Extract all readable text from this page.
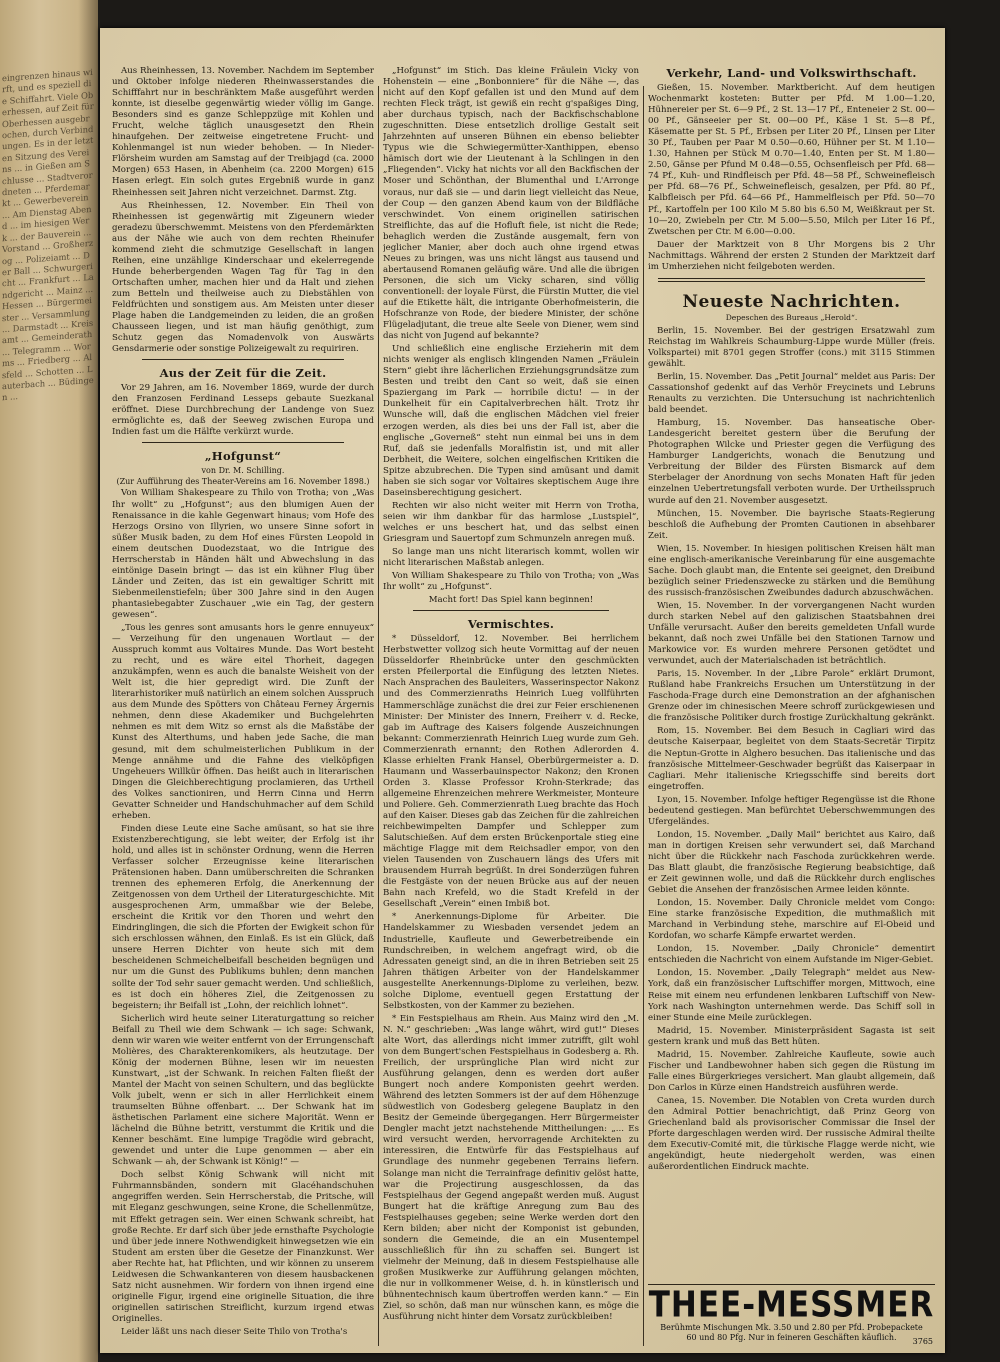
eingrenzen hinaus wirft, und es speziell die Schiffahrt. Viele Oberhessen, auf Zeit für Oberhessen ausgebrochen, durch Verbindungen. Es in der letzten Sitzung des Vereins ... in Gießen am Schlusse ... Stadtverordneten ... Pferdemarkt ... Gewerbeverein ... Am Dienstag Abend ... im hiesigen Werk ... der Bauverein ... Vorstand ... Großherzog ... Polizeiamt ... Der Ball ... Schwurgericht ... Frankfurt ... Landgericht ... Mainz ... Hessen ... Bürgermeister ... Versammlung ... Darmstadt ... Kreisamt ... Gemeinderath ... Telegramm ... Worms ... Friedberg ... Alsfeld ... Schotten ... Lauterbach ... Büdingen ...

Aus Rheinhessen, 13. November. Nachdem im September und Oktober infolge niederen Rheinwasserstandes die Schifffahrt nur in beschränktem Maße ausgeführt werden konnte, ist dieselbe gegenwärtig wieder völlig im Gange. Besonders sind es ganze Schleppzüge mit Kohlen und Frucht, welche täglich unausgesetzt den Rhein hinaufgehen. Der zeitweise eingetretene Frucht- und Kohlenmangel ist nun wieder behoben. — In Nieder-Flörsheim wurden am Samstag auf der Treibjagd (ca. 2000 Morgen) 653 Hasen, in Abenheim (ca. 2200 Morgen) 615 Hasen erlegt. Ein solch gutes Ergebniß wurde in ganz Rheinhessen seit Jahren nicht verzeichnet. Darmst. Ztg.

Aus Rheinhessen, 12. November. Ein Theil von Rheinhessen ist gegenwärtig mit Zigeunern wieder geradezu überschwemmt. Meistens von den Pferdemärkten aus der Nähe wie auch von dem rechten Rheinufer kommend zieht die schmutzige Gesellschaft in langen Reihen, eine unzählige Kinderschaar und ekelerregende Hunde beherbergenden Wagen Tag für Tag in den Ortschaften umher, machen hier und da Halt und ziehen zum Betteln und theilweise auch zu Diebstählen von Feldfrüchten und sonstigem aus. Am Meisten unter dieser Plage haben die Landgemeinden zu leiden, die an großen Chausseen liegen, und ist man häufig genöthigt, zum Schutz gegen das Nomadenvolk von Auswärts Gensdarmerie oder sonstige Polizeigewalt zu requiriren.

Aus der Zeit für die Zeit.

Vor 29 Jahren, am 16. November 1869, wurde der durch den Franzosen Ferdinand Lesseps gebaute Suezkanal eröffnet. Diese Durchbrechung der Landenge von Suez ermöglichte es, daß der Seeweg zwischen Europa und Indien fast um die Hälfte verkürzt wurde.

„Hofgunst“
von Dr. M. Schilling.
(Zur Aufführung des Theater-Vereins am 16. November 1898.)

Von William Shakespeare zu Thilo von Trotha; von „Was Ihr wollt“ zu „Hofgunst“; aus den blumigen Auen der Renaissance in die kahle Gegenwart hinaus; vom Hofe des Herzogs Orsino von Illyrien, wo unsere Sinne sofort in süßer Musik baden, zu dem Hof eines Fürsten Leopold in einem deutschen Duodezstaat, wo die Intrigue des Herrscherstab in Händen hält und Abwechslung in das eintönige Dasein bringt — das ist ein kühner Flug über Länder und Zeiten, das ist ein gewaltiger Schritt mit Siebenmeilenstiefeln; über 300 Jahre sind in den Augen phantasiebegabter Zuschauer „wie ein Tag, der gestern gewesen“.

„Tous les genres sont amusants hors le genre ennuyeux“ — Verzeihung für den ungenauen Wortlaut — der Ausspruch kommt aus Voltaires Munde. Das Wort besteht zu recht, und es wäre eitel Thorheit, dagegen anzukämpfen, wenn es auch die banalste Weisheit von der Welt ist, die hier gepredigt wird. Die Zunft der literarhistoriker muß natürlich an einem solchen Ausspruch aus dem Munde des Spötters von Château Ferney Ärgernis nehmen, denn diese Akademiker und Buchgelehrten nehmen es mit dem Witz so ernst als die Maßstäbe der Kunst des Alterthums, und haben jede Sache, die man gesund, mit dem schulmeisterlichen Publikum in der Menge annähme und die Fahne des vielköpfigen Ungeheuers Willkür öffnen. Das heißt auch in literarischen Dingen die Gleichberechtigung proclamieren, das Urtheil des Volkes sanctioniren, und Herrn Cinna und Herrn Gevatter Schneider und Handschuhmacher auf dem Schild erheben.

Finden diese Leute eine Sache amüsant, so hat sie ihre Existenzberechtigung, sie lebt weiter, der Erfolg ist ihr hold, und alles ist in schönster Ordnung, wenn die Herren Verfasser solcher Erzeugnisse keine literarischen Prätensionen haben. Dann umüberschreiten die Schranken trennen des ephemeren Erfolg, die Anerkennung der Zeitgenossen von dem Urtheil der Literaturgeschichte. Mit ausgesprochenen Arm, ummaßbar wie der Belebe, erscheint die Kritik vor den Thoren und wehrt den Eindringlingen, die sich die Pforten der Ewigkeit schon für sich erschlossen wähnen, den Einlaß. Es ist ein Glück, daß unsere Herren Dichter von heute sich mit dem bescheidenen Schmeichelbeifall bescheiden begnügen und nur um die Gunst des Publikums buhlen; denn manchen sollte der Tod sehr sauer gemacht werden. Und schließlich, es ist doch ein höheres Ziel, die Zeitgenossen zu begeistern; ihr Beifall ist „Lohn, der reichlich lohnet“.

Sicherlich wird heute seiner Literaturgattung so reicher Beifall zu Theil wie dem Schwank — ich sage: Schwank, denn wir waren wie weiter entfernt von der Errungenschaft Molières, des Charakterenkomikers, als heutzutage. Der König der modernen Bühne, lesen wir im neuesten Kunstwart, „ist der Schwank. In reichen Falten fließt der Mantel der Macht von seinen Schultern, und das beglückte Volk jubelt, wenn er sich in aller Herrlichkeit einem traumselten Bühne offenbart. ... Der Schwank hat im ästhetischen Parlament eine sichere Majorität. Wenn er lächelnd die Bühne betritt, verstummt die Kritik und die Kenner beschämt. Eine lumpige Tragödie wird gebracht, gewendet und unter die Lupe genommen — aber ein Schwank — ah, der Schwank ist König!“ —

Doch selbst König Schwank will nicht mit Fuhrmannsbänden, sondern mit Glacéhandschuhen angegriffen werden. Sein Herrscherstab, die Pritsche, will mit Eleganz geschwungen, seine Krone, die Schellenmütze, mit Effekt getragen sein. Wer einen Schwank schreibt, hat große Rechte. Er darf sich über jede ernsthafte Psychologie und über jede innere Nothwendigkeit hinwegsetzen wie ein Student am ersten über die Gesetze der Finanzkunst. Wer aber Rechte hat, hat Pflichten, und wir können zu unserem Leidwesen die Schwankanteren von diesem hausbackenen Satz nicht ausnehmen. Wir fordern von ihnen irgend eine originelle Figur, irgend eine originelle Situation, die ihre originellen satirischen Streiflicht, kurzum irgend etwas Originelles.

Leider läßt uns nach dieser Seite Thilo von Trotha's

„Hofgunst“ im Stich. Das kleine Fräulein Vicky von Hohenstein — eine „Bonbonniere“ für die Nähe —, das nicht auf den Kopf gefallen ist und den Mund auf dem rechten Fleck trägt, ist gewiß ein recht g'spaßiges Ding, aber durchaus typisch, nach der Backfischschablone zugeschnitten. Diese entsetzlich drollige Gestalt seit Jahrzehnten auf unseren Bühnen ein ebenso beliebter Typus wie die Schwiegermütter-Xanthippen, ebenso hämisch dort wie der Lieutenant à la Schlingen in den „Fliegenden“. Vicky hat nichts vor all den Backfischen der Moser und Schönthan, der Blumenthal und L'Arronge voraus, nur daß sie — und darin liegt vielleicht das Neue, der Coup — den ganzen Abend kaum von der Bildfläche verschwindet. Von einem originellen satirischen Streiflichte, das auf die Hofluft fiele, ist nicht die Rede; behaglich werden die Zustände ausgemalt, fern von jeglicher Manier, aber doch auch ohne irgend etwas Neues zu bringen, was uns nicht längst aus tausend und abertausend Romanen geläufig wäre. Und alle die übrigen Personen, die sich um Vicky scharen, sind völlig conventionell: der loyale Fürst, die Fürstin Mutter, die viel auf die Etikette hält, die intrigante Oberhofmeisterin, die Hofschranze von Rode, der biedere Minister, der schöne Flügeladjutant, die treue alte Seele von Diener, wem sind das nicht von Jugend auf bekannte?

Und schließlich eine englische Erzieherin mit dem nichts weniger als englisch klingenden Namen „Fräulein Stern“ giebt ihre lächerlichen Erziehungsgrundsätze zum Besten und treibt den Cant so weit, daß sie einen Spaziergang im Park — horribile dictu! — in der Dunkelheit für ein Capitalverbrechen hält. Trotz ihr Wunsche will, daß die englischen Mädchen viel freier erzogen werden, als dies bei uns der Fall ist, aber die englische „Governeß“ steht nun einmal bei uns in dem Ruf, daß sie jedenfalls Moralfistin ist, und mit aller Derbheit, die Weitere, solchen eingelfischen Kritiken die Spitze abzubrechen. Die Typen sind amüsant und damit haben sie sich sogar vor Voltaires skeptischem Auge ihre Daseinsberechtigung gesichert.

Rechten wir also nicht weiter mit Herrn von Trotha, seien wir ihm dankbar für das harmlose „Lustspiel“, welches er uns beschert hat, und das selbst einen Griesgram und Sauertopf zum Schmunzeln anregen muß.

So lange man uns nicht literarisch kommt, wollen wir nicht literarischen Maßstab anlegen.

Von William Shakespeare zu Thilo von Trotha; von „Was Ihr wollt“ zu „Hofgunst“.

Macht fort! Das Spiel kann beginnen!

Vermischtes.

* Düsseldorf, 12. November. Bei herrlichem Herbstwetter vollzog sich heute Vormittag auf der neuen Düsseldorfer Rheinbrücke unter den geschmückten ersten Pfeilerportal die Einfügung des letzten Nietes. Nach Ansprachen des Bauleiters, Wasserinspector Nakonz und des Commerzienraths Heinrich Lueg vollführten Hammerschläge zunächst die drei zur Feier erschienenen Minister: Der Minister des Innern, Freiherr v. d. Recke, gab im Auftrage des Kaisers folgende Auszeichnungen bekannt: Commerzienrath Heinrich Lueg wurde zum Geh. Commerzienrath ernannt; den Rothen Adlerorden 4. Klasse erhielten Frank Hansel, Oberbürgermeister a. D. Haumann und Wasserbauinspector Nakonz; den Kronen Orden 3. Klasse Professor Krohn-Sterkrade; das allgemeine Ehrenzeichen mehrere Werkmeister, Monteure und Poliere. Geh. Commerzienrath Lueg brachte das Hoch auf den Kaiser. Dieses gab das Zeichen für die zahlreichen reichbewimpelten Dampfer und Schlepper zum Salutschießen. Auf dem ersten Brückenportale stieg eine mächtige Flagge mit dem Reichsadler empor, von den vielen Tausenden von Zuschauern längs des Ufers mit brausendem Hurrah begrüßt. In drei Sonderzügen fuhren die Festgäste von der neuen Brücke aus auf der neuen Bahn nach Krefeld, wo die Stadt Krefeld in der Gesellschaft „Verein“ einen Imbiß bot.

* Anerkennungs-Diplome für Arbeiter. Die Handelskammer zu Wiesbaden versendet jedem an Industrielle, Kaufleute und Gewerbetreibende ein Rundschreiben, in welchem angefragt wird, ob die Adressaten geneigt sind, an die in ihren Betrieben seit 25 Jahren thätigen Arbeiter von der Handelskammer ausgestellte Anerkennungs-Diplome zu verleihen, bezw. solche Diplome, eventuell gegen Erstattung der Selbstkosten, von der Kammer zu beziehen.

* Ein Festspielhaus am Rhein. Aus Mainz wird den „M. N. N.“ geschrieben: „Was lange währt, wird gut!“ Dieses alte Wort, das allerdings nicht immer zutrifft, gilt wohl von dem Bungert'schen Festspielhaus in Godesberg a. Rh. Freilich, der ursprüngliche Plan wird nicht zur Ausführung gelangen, denn es werden dort außer Bungert noch andere Komponisten geehrt werden. Während des letzten Sommers ist der auf dem Höhenzuge südwestlich von Godesberg gelegene Bauplatz in den Besitz der Gemeinde übergegangen. Herr Bürgermeister Dengler macht jetzt nachstehende Mittheilungen: „... Es wird versucht werden, hervorragende Architekten zu interessiren, die Entwürfe für das Festspielhaus auf Grundlage des nunmehr gegebenen Terrains liefern. Solange man nicht die Terrainfrage definitiv gelöst hatte, war die Projectirung ausgeschlossen, da das Festspielhaus der Gegend angepaßt werden muß. August Bungert hat die kräftige Anregung zum Bau des Festspielhauses gegeben; seine Werke werden dort den Kern bilden; aber nicht der Komponist ist gebunden, sondern die Gemeinde, die an ein Musentempel ausschließlich für ihn zu schaffen sei. Bungert ist vielmehr der Meinung, daß in diesem Festspielhause alle großen Musikwerke zur Aufführung gelangen möchten, die nur in vollkommener Weise, d. h. in künstlerisch und bühnentechnisch kaum übertroffen werden kann.“ — Ein Ziel, so schön, daß man nur wünschen kann, es möge die Ausführung nicht hinter dem Vorsatz zurückbleiben!

Verkehr, Land- und Volkswirthschaft.

Gießen, 15. November. Marktbericht. Auf dem heutigen Wochenmarkt kosteten: Butter per Pfd. M 1.00—1.20, Hühnereier per St. 6—9 Pf., 2 St. 13—17 Pf., Enteneier 2 St. 00—00 Pf., Gänseeier per St. 00—00 Pf., Käse 1 St. 5—8 Pf., Käsematte per St. 5 Pf., Erbsen per Liter 20 Pf., Linsen per Liter 30 Pf., Tauben per Paar M 0.50—0.60, Hühner per St. M 1.10—1.30, Hahnen per Stück M 0.70—1.40, Enten per St. M 1.80—2.50, Gänse per Pfund M 0.48—0.55, Ochsenfleisch per Pfd. 68—74 Pf., Kuh- und Rindfleisch per Pfd. 48—58 Pf., Schweinefleisch per Pfd. 68—76 Pf., Schweinefleisch, gesalzen, per Pfd. 80 Pf., Kalbfleisch per Pfd. 64—66 Pf., Hammelfleisch per Pfd. 50—70 Pf., Kartoffeln per 100 Kilo M 5.80 bis 6.50 M, Weißkraut per St. 10—20, Zwiebeln per Ctr. M 5.00—5.50, Milch per Liter 16 Pf., Zwetschen per Ctr. M 6.00—0.00.

Dauer der Marktzeit von 8 Uhr Morgens bis 2 Uhr Nachmittags. Während der ersten 2 Stunden der Marktzeit darf im Umherziehen nicht feilgeboten werden.

Neueste Nachrichten.
Depeschen des Bureaus „Herold“.

Berlin, 15. November. Bei der gestrigen Ersatzwahl zum Reichstag im Wahlkreis Schaumburg-Lippe wurde Müller (freis. Volkspartei) mit 8701 gegen Stroffer (cons.) mit 3115 Stimmen gewählt.

Berlin, 15. November. Das „Petit Journal“ meldet aus Paris: Der Cassationshof gedenkt auf das Verhör Freycinets und Lebruns Renaults zu verzichten. Die Untersuchung ist nachrichtenlich bald beendet.

Hamburg, 15. November. Das hanseatische Ober-Landesgericht bereitet gestern über die Berufung der Photographen Wilcke und Priester gegen die Verfügung des Hamburger Landgerichts, wonach die Benutzung und Verbreitung der Bilder des Fürsten Bismarck auf dem Sterbelager der Anordnung von sechs Monaten Haft für jeden einzelnen Uebertretungsfall verboten wurde. Der Urtheilsspruch wurde auf den 21. November ausgesetzt.

München, 15. November. Die bayrische Staats-Regierung beschloß die Aufhebung der Promten Cautionen in absehbarer Zeit.

Wien, 15. November. In hiesigen politischen Kreisen hält man eine englisch-amerikanische Vereinbarung für eine ausgemachte Sache. Doch glaubt man, die Entente sei geeignet, den Dreibund bezüglich seiner Friedenszwecke zu stärken und die Bemühung des russisch-französischen Zweibundes dadurch abzuschwächen.

Wien, 15. November. In der vorvergangenen Nacht wurden durch starken Nebel auf den galizischen Staatsbahnen drei Unfälle verursacht. Außer den bereits gemeldeten Unfall wurde bekannt, daß noch zwei Unfälle bei den Stationen Tarnow und Markowice vor. Es wurden mehrere Personen getödtet und verwundet, auch der Materialschaden ist beträchtlich.

Paris, 15. November. In der „Libre Parole“ erklärt Drumont, Rußland habe Frankreichs Ersuchen um Unterstützung in der Faschoda-Frage durch eine Demonstration an der afghanischen Grenze oder im chinesischen Meere schroff zurückgewiesen und die französische Politiker durch frostige Zurückhaltung gekränkt.

Rom, 15. November. Bei dem Besuch in Cagliari wird das deutsche Kaiserpaar, begleitet von dem Staats-Secretär Tirpitz die Neptun-Grotte in Alghero besuchen. Das italienische und das französische Mittelmeer-Geschwader begrüßt das Kaiserpaar in Cagliari. Mehr italienische Kriegsschiffe sind bereits dort eingetroffen.

Lyon, 15. November. Infolge heftiger Regengüsse ist die Rhone bedeutend gestiegen. Man befürchtet Ueberschwemmungen des Ufergeländes.

London, 15. November. „Daily Mail“ berichtet aus Kairo, daß man in dortigen Kreisen sehr verwundert sei, daß Marchand nicht über die Rückkehr nach Faschoda zurückkehren werde. Das Blatt glaubt, die französische Regierung beabsichtige, daß er Zeit gewinnen wolle, und daß die Rückkehr durch englisches Gebiet die Ansehen der französischen Armee leiden könnte.

London, 15. November. Daily Chronicle meldet vom Congo: Eine starke französische Expedition, die muthmaßlich mit Marchand in Verbindung stehe, marschire auf El-Obeid und Kordofan, wo scharfe Kämpfe erwartet werden.

London, 15. November. „Daily Chronicle“ dementirt entschieden die Nachricht von einem Aufstande im Niger-Gebiet.

London, 15. November. „Daily Telegraph“ meldet aus New-York, daß ein französischer Luftschiffer morgen, Mittwoch, eine Reise mit einem neu erfundenen lenkbaren Luftschiff von New-York nach Washington unternehmen werde. Das Schiff soll in einer Stunde eine Meile zurücklegen.

Madrid, 15. November. Ministerpräsident Sagasta ist seit gestern krank und muß das Bett hüten.

Madrid, 15. November. Zahlreiche Kaufleute, sowie auch Fischer und Landbewohner haben sich gegen die Rüstung im Falle eines Bürgerkrieges versichert. Man glaubt allgemein, daß Don Carlos in Kürze einen Handstreich ausführen werde.

Canea, 15. November. Die Notablen von Creta wurden durch den Admiral Pottier benachrichtigt, daß Prinz Georg von Griechenland bald als provisorischer Commissar die Insel der Pforte dargeschlagen werden wird. Der russische Admiral theilte dem Executiv-Comité mit, die türkische Flagge werde nicht, wie angekündigt, heute niedergeholt werden, was einen außerordentlichen Eindruck machte.

THEE-MESSMER
Berühmte Mischungen Mk. 3.50 und 2.80 per Pfd. Probepackete
60 und 80 Pfg. Nur in feineren Geschäften käuflich.	3765
